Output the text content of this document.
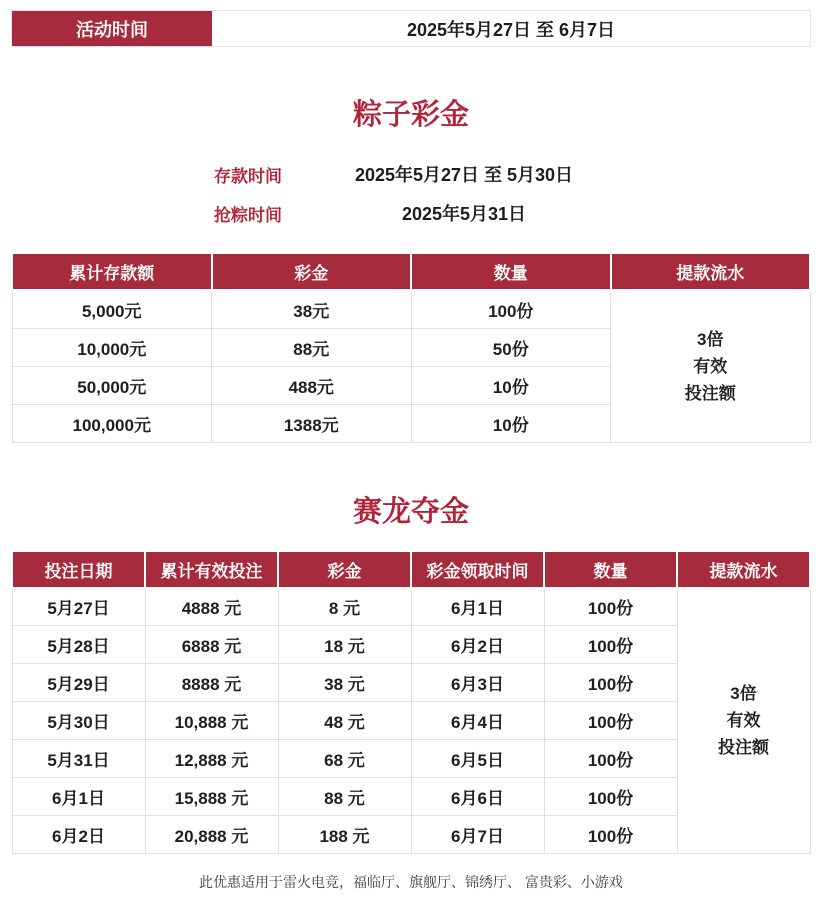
活动时间	2025年5月27日 至 6月7日
粽子彩金
存款时间	2025年5月27日 至 5月30日
抢粽时间	2025年5月31日
累计存款额	彩金	数量	提款流水
5,000元	38元	100份	3倍
有效
投注额

10,000元	88元	50份	
50,000元	488元	10份	
100,000元	1388元	10份	
赛龙夺金
投注日期	累计有效投注	彩金	彩金领取时间	数量	提款流水
5月27日	4888 元	8 元	6月1日	100份	3倍
有效
投注额

5月28日	6888 元	18 元	6月2日	100份	
5月29日	8888 元	38 元	6月3日	100份	
5月30日	10,888 元	48 元	6月4日	100份	
5月31日	12,888 元	68 元	6月5日	100份	
6月1日	15,888 元	88 元	6月6日	100份	
6月2日	20,888 元	188 元	6月7日	100份	
此优惠适用于雷火电竞，福临厅、旗舰厅、锦绣厅、 富贵彩、小游戏
